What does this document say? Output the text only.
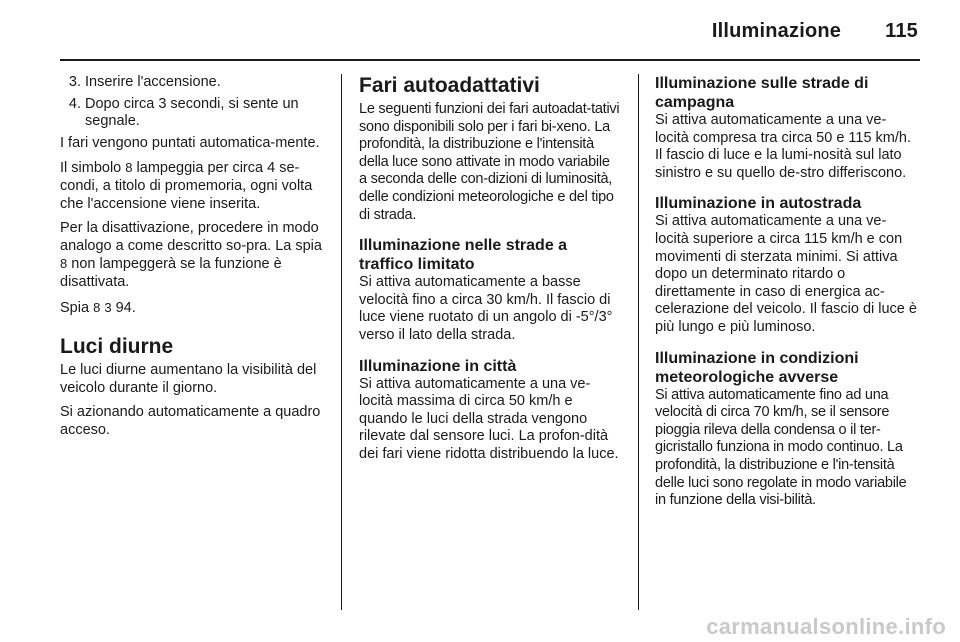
Illuminazione 115
3. Inserire l'accensione.
4. Dopo circa 3 secondi, si sente un segnale.

I fari vengono puntati automatica-mente.

Il simbolo 8 lampeggia per circa 4 se-condi, a titolo di promemoria, ogni volta che l'accensione viene inserita.

Per la disattivazione, procedere in modo analogo a come descritto so-pra. La spia 8 non lampeggerà se la funzione è disattivata.

Spia 8 3 94.

Luci diurne

Le luci diurne aumentano la visibilità del veicolo durante il giorno.

Si azionando automaticamente a quadro acceso.

Fari autoadattativi

Le seguenti funzioni dei fari autoadat-tativi sono disponibili solo per i fari bi-xeno. La profondità, la distribuzione e l'intensità della luce sono attivate in modo variabile a seconda delle con-dizioni di luminosità, delle condizioni meteorologiche e del tipo di strada.

Illuminazione nelle strade a traffico limitato

Si attiva automaticamente a basse velocità fino a circa 30 km/h. Il fascio di luce viene ruotato di un angolo di -5°/3° verso il lato della strada.

Illuminazione in città

Si attiva automaticamente a una ve-locità massima di circa 50 km/h e quando le luci della strada vengono rilevate dal sensore luci. La profon-dità dei fari viene ridotta distribuendo la luce.

Illuminazione sulle strade di campagna

Si attiva automaticamente a una ve-locità compresa tra circa 50 e 115 km/h. Il fascio di luce e la lumi-nosità sul lato sinistro e su quello de-stro differiscono.

Illuminazione in autostrada

Si attiva automaticamente a una ve-locità superiore a circa 115 km/h e con movimenti di sterzata minimi. Si attiva dopo un determinato ritardo o direttamente in caso di energica ac-celerazione del veicolo. Il fascio di luce è più lungo e più luminoso.

Illuminazione in condizioni meteorologiche avverse

Si attiva automaticamente fino ad una velocità di circa 70 km/h, se il sensore pioggia rileva della condensa o il ter-gicristallo funziona in modo continuo. La profondità, la distribuzione e l'in-tensità delle luci sono regolate in modo variabile in funzione della visi-bilità.

carmanualsonline.info
